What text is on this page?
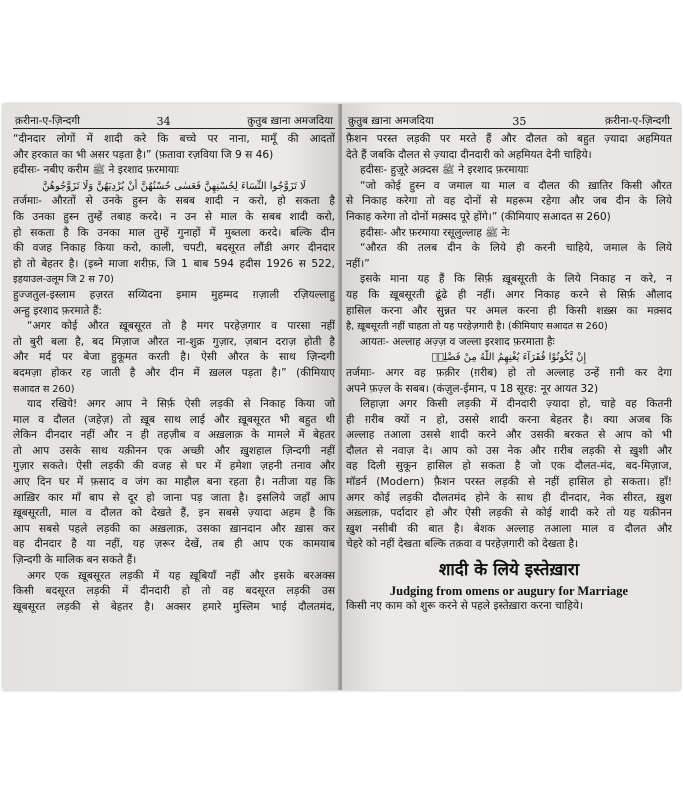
क़रीना-ए-ज़िन्दगी	34	क़ुतुब ख़ाना अमजदिया
“दीनदार लोगों में शादी करे कि बच्चे पर नाना, मामूँ की आदतों
और हरकात का भी असर पड़ता है।” (फ़तावा रज़विया जि 9 स 46)
हदीसः- नबीए करीम ﷺ ने इरशाद फ़रमायाः
لَا تَزَوَّجُوا النِّسَاءَ لِحُسْنِهِنَّ فَعَسٰى حُسْنُهُنَّ أَنْ يُرْدِيَهُنَّ وَلَا تَزَوَّجُوهُنَّ
तर्जमाः- औरतों से उनके हुस्न के सबब शादी न करो, हो सकता है
कि उनका हुस्न तुम्हें तबाह करदे। न उन से माल के सबब शादी करो,
हो सकता है कि उनका माल तुम्हें गुनाहों में मुब्तला करदे। बल्कि दीन
की वजह निकाह किया करो, काली, चपटी, बदसूरत लौंडी अगर दीनदार
हो तो बेहतर है। (इब्ने माजा शरीफ़, जि 1 बाब 594 हदीस 1926 स 522,
इहयाउल-उलूम जि 2 स 70)
हुज्जतुल-इस्लाम हज़रत सय्यिदना इमाम मुहम्मद ग़ज़ाली रज़ियल्लाहु
अन्हु इरशाद फ़रमाते हैं:
“अगर कोई औरत ख़ूबसूरत तो है मगर परहेज़गार व पारसा नहीं
तो बुरी बला है, बद मिज़ाज औरत ना-शुक्र गुज़ार, ज़बान दराज़ होती है
और मर्द पर बेजा हुकूमत करती है। ऐसी औरत के साथ ज़िन्दगी
बदमज़ा होकर रह जाती है और दीन में ख़लल पड़ता है।” (कीमियाए
सआदत स 260)
याद रखिये! अगर आप ने सिर्फ़ ऐसी लड़की से निकाह किया जो
माल व दौलत (जहेज़) तो ख़ूब साथ लाई और ख़ूबसूरत भी बहुत थी
लेकिन दीनदार नहीं और न ही तहज़ीब व अख़लाक़ के मामले में बेहतर
तो आप उसके साथ यक़ीनन एक अच्छी और ख़ुशहाल ज़िन्दगी नहीं
गुज़ार सकते। ऐसी लड़की की वजह से घर में हमेशा ज़हनी तनाव और
आए दिन घर में फ़साद व जंग का माहौल बना रहता है। नतीजा यह कि
आख़िर कार माँ बाप से दूर हो जाना पड़ जाता है। इसलिये जहाँ आप
ख़ूबसूरती, माल व दौलत को देखते हैं, इन सबसे ज़्यादा अहम है कि
आप सबसे पहले लड़की का अख़लाक़, उसका ख़ानदान और ख़ास कर
वह दीनदार है या नहीं, यह ज़रूर देखें, तब ही आप एक कामयाब
ज़िन्दगी के मालिक बन सकते हैं।
अगर एक ख़ूबसूरत लड़की में यह ख़ूबियाँ नहीं और इसके बरअक्स
किसी बदसूरत लड़की में दीनदारी हो तो वह बदसूरत लड़की उस
ख़ूबसूरत लड़की से बेहतर है। अक्सर हमारे मुस्लिम भाई दौलतमंद,
क़ुतुब ख़ाना अमजदिया	35	क़रीना-ए-ज़िन्दगी
फ़ैशन परस्त लड़की पर मरते हैं और दौलत को बहुत ज़्यादा अहमियत
देते हैं जबकि दौलत से ज़्यादा दीनदारी को अहमियत देनी चाहिये।
हदीसः- हुज़ूरे अक़्दस ﷺ ने इरशाद फ़रमायाः
“जो कोई हुस्न व जमाल या माल व दौलत की ख़ातिर किसी औरत
से निकाह करेगा तो वह दोनों से महरूम रहेगा और जब दीन के लिये
निकाह करेगा तो दोनों मक़्सद पूरे होंगे।” (कीमियाए सआदत स 260)
हदीसः- और फ़रमाया रसूलुल्लाह ﷺ नेः
“औरत की तलब दीन के लिये ही करनी चाहिये, जमाल के लिये
नहीं।”
इसके माना यह हैं कि सिर्फ़ ख़ूबसूरती के लिये निकाह न करे, न
यह कि ख़ूबसूरती ढूंढे ही नहीं। अगर निकाह करने से सिर्फ़ औलाद
हासिल करना और सुन्नत पर अमल करना ही किसी शख़्स का मक़्सद
है, ख़ूबसूरती नहीं चाहता तो यह परहेज़गारी है। (कीमियाए सआदत स 260)
आयतः- अल्लाह अज़्ज़ व जल्ला इरशाद फ़रमाता हैः
إِنْ يَّكُونُوْا فُقَرَآءَ يُغْنِهِمُ اللّٰهُ مِنْ فَضْلِهٖ
तर्जमाः- अगर वह फ़क़ीर (ग़रीब) हो तो अल्लाह उन्हें ग़नी कर देगा
अपने फ़ज़्ल के सबब। (कंज़ुल-ईमान, प 18 सूरह: नूर आयत 32)
लिहाज़ा अगर किसी लड़की में दीनदारी ज़्यादा हो, चाहे वह कितनी
ही ग़रीब क्यों न हो, उससे शादी करना बेहतर है। क्या अजब कि
अल्लाह तआला उससे शादी करने और उसकी बरकत से आप को भी
दौलत से नवाज़ दे। आप को उस नेक और ग़रीब लड़की से ख़ुशी और
वह दिली सुकून हासिल हो सकता है जो एक दौलत-मंद, बद-मिज़ाज,
मॉडर्न (Modern) फ़ैशन परस्त लड़की से नहीं हासिल हो सकता। हाँ!
अगर कोई लड़की दौलतमंद होने के साथ ही दीनदार, नेक सीरत, ख़ुश
अख़्लाक़, पर्दादार हो और ऐसी लड़की से कोई शादी करे तो यह यक़ीनन
ख़ुश नसीबी की बात है। बेशक अल्लाह तआला माल व दौलत और
चेहरे को नहीं देखता बल्कि तक़वा व परहेज़गारी को देखता है।
शादी के लिये इस्तेख़ारा
Judging from omens or augury for Marriage
किसी नए काम को शुरू करने से पहले इस्तेख़ारा करना चाहिये।
